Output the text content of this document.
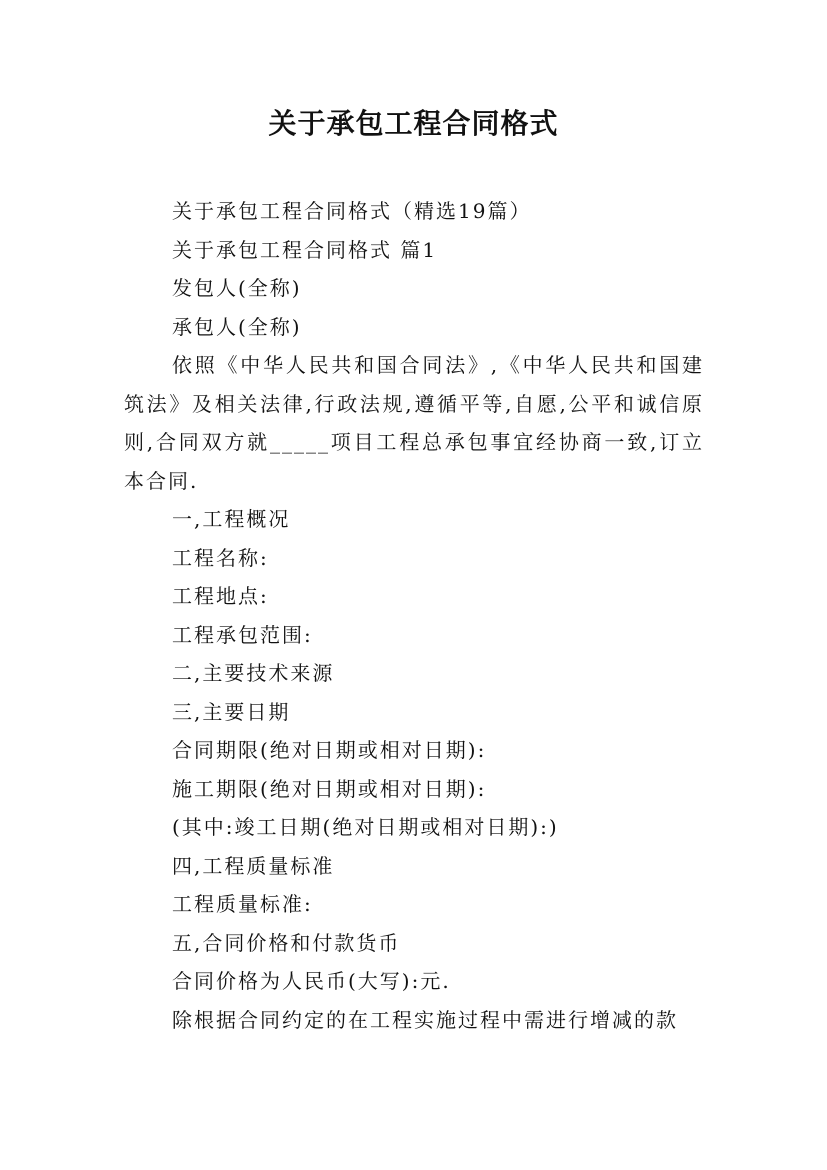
关于承包工程合同格式

关于承包工程合同格式（精选19篇）

关于承包工程合同格式 篇1

发包人(全称)

承包人(全称)

依照《中华人民共和国合同法》,《中华人民共和国建筑法》及相关法律,行政法规,遵循平等,自愿,公平和诚信原则,合同双方就_____项目工程总承包事宜经协商一致,订立本合同.

一,工程概况

工程名称:

工程地点:

工程承包范围:

二,主要技术来源

三,主要日期

合同期限(绝对日期或相对日期):

施工期限(绝对日期或相对日期):

(其中:竣工日期(绝对日期或相对日期):)

四,工程质量标准

工程质量标准:

五,合同价格和付款货币

合同价格为人民币(大写):元.

除根据合同约定的在工程实施过程中需进行增减的款
